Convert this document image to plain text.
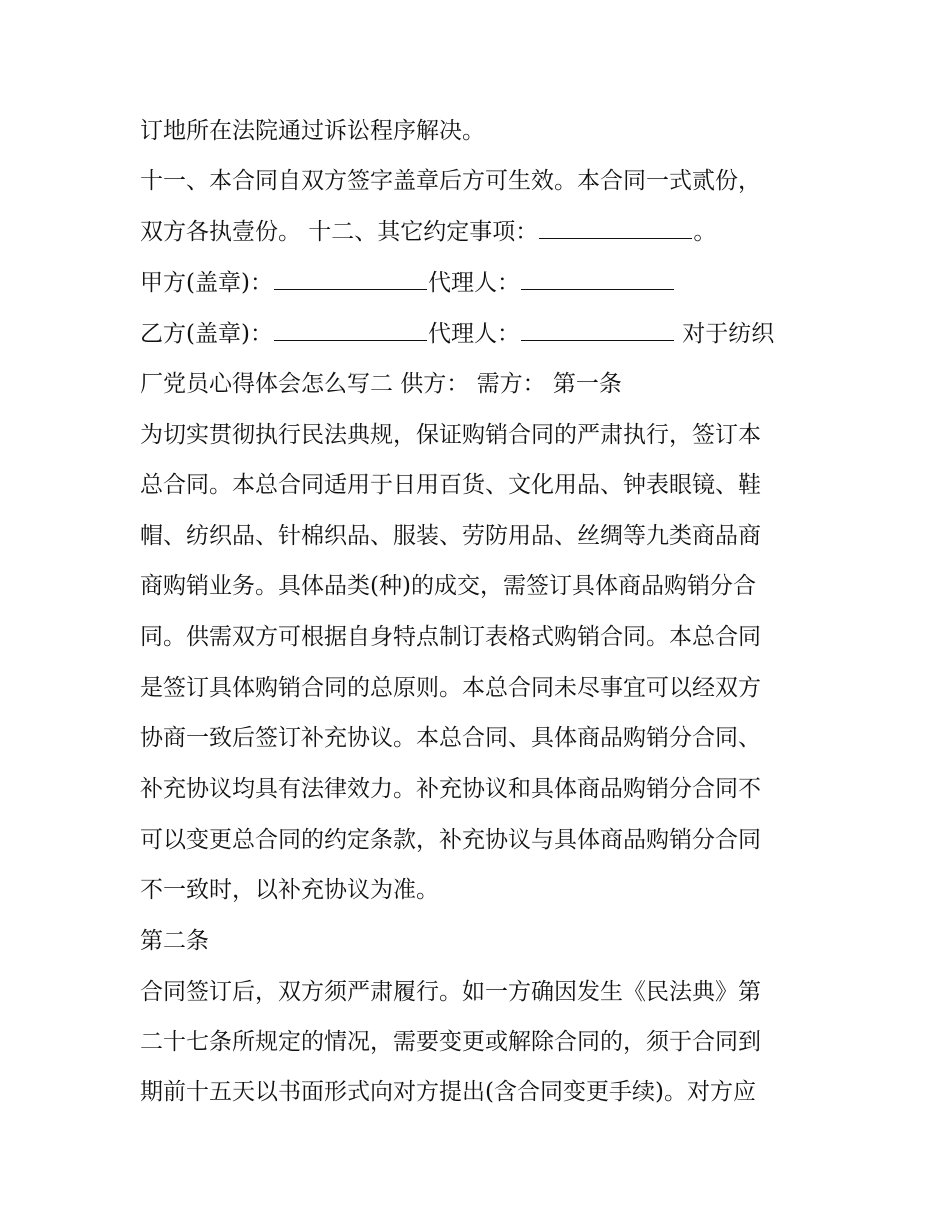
订地所在法院通过诉讼程序解决。

十一、本合同自双方签字盖章后方可生效。本合同一式贰份，

双方各执壹份。 十二、其它约定事项：	。

甲方(盖章)：	代理人：

乙方(盖章)：	代理人：	对于纺织

厂党员心得体会怎么写二 供方： 需方： 第一条

为切实贯彻执行民法典规，保证购销合同的严肃执行，签订本

总合同。本总合同适用于日用百货、文化用品、钟表眼镜、鞋

帽、纺织品、针棉织品、服装、劳防用品、丝绸等九类商品商

商购销业务。具体品类(种)的成交，需签订具体商品购销分合

同。供需双方可根据自身特点制订表格式购销合同。本总合同

是签订具体购销合同的总原则。本总合同未尽事宜可以经双方

协商一致后签订补充协议。本总合同、具体商品购销分合同、

补充协议均具有法律效力。补充协议和具体商品购销分合同不

可以变更总合同的约定条款，补充协议与具体商品购销分合同

不一致时，以补充协议为准。

第二条

合同签订后，双方须严肃履行。如一方确因发生《民法典》第

二十七条所规定的情况，需要变更或解除合同的，须于合同到

期前十五天以书面形式向对方提出(含合同变更手续)。对方应
